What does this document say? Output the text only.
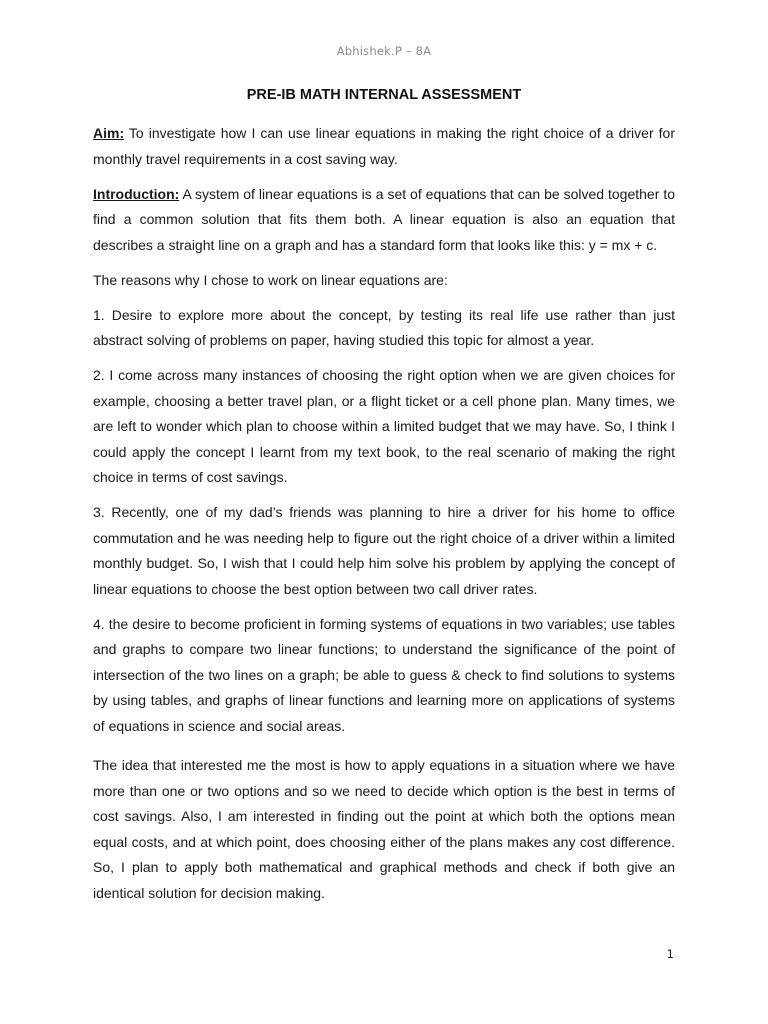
Abhishek.P – 8A
PRE-IB MATH INTERNAL ASSESSMENT

Aim: To investigate how I can use linear equations in making the right choice of a driver for monthly travel requirements in a cost saving way.

Introduction: A system of linear equations is a set of equations that can be solved together to find a common solution that fits them both. A linear equation is also an equation that describes a straight line on a graph and has a standard form that looks like this: y = mx + c.

The reasons why I chose to work on linear equations are:

1. Desire to explore more about the concept, by testing its real life use rather than just abstract solving of problems on paper, having studied this topic for almost a year.

2. I come across many instances of choosing the right option when we are given choices for example, choosing a better travel plan, or a flight ticket or a cell phone plan. Many times, we are left to wonder which plan to choose within a limited budget that we may have. So, I think I could apply the concept I learnt from my text book, to the real scenario of making the right choice in terms of cost savings.

3. Recently, one of my dad’s friends was planning to hire a driver for his home to office commutation and he was needing help to figure out the right choice of a driver within a limited monthly budget. So, I wish that I could help him solve his problem by applying the concept of linear equations to choose the best option between two call driver rates.

4. the desire to become proficient in forming systems of equations in two variables; use tables and graphs to compare two linear functions; to understand the significance of the point of intersection of the two lines on a graph; be able to guess & check to find solutions to systems by using tables, and graphs of linear functions and learning more on applications of systems of equations in science and social areas.

The idea that interested me the most is how to apply equations in a situation where we have more than one or two options and so we need to decide which option is the best in terms of cost savings. Also, I am interested in finding out the point at which both the options mean equal costs, and at which point, does choosing either of the plans makes any cost difference. So, I plan to apply both mathematical and graphical methods and check if both give an identical solution for decision making.

1
